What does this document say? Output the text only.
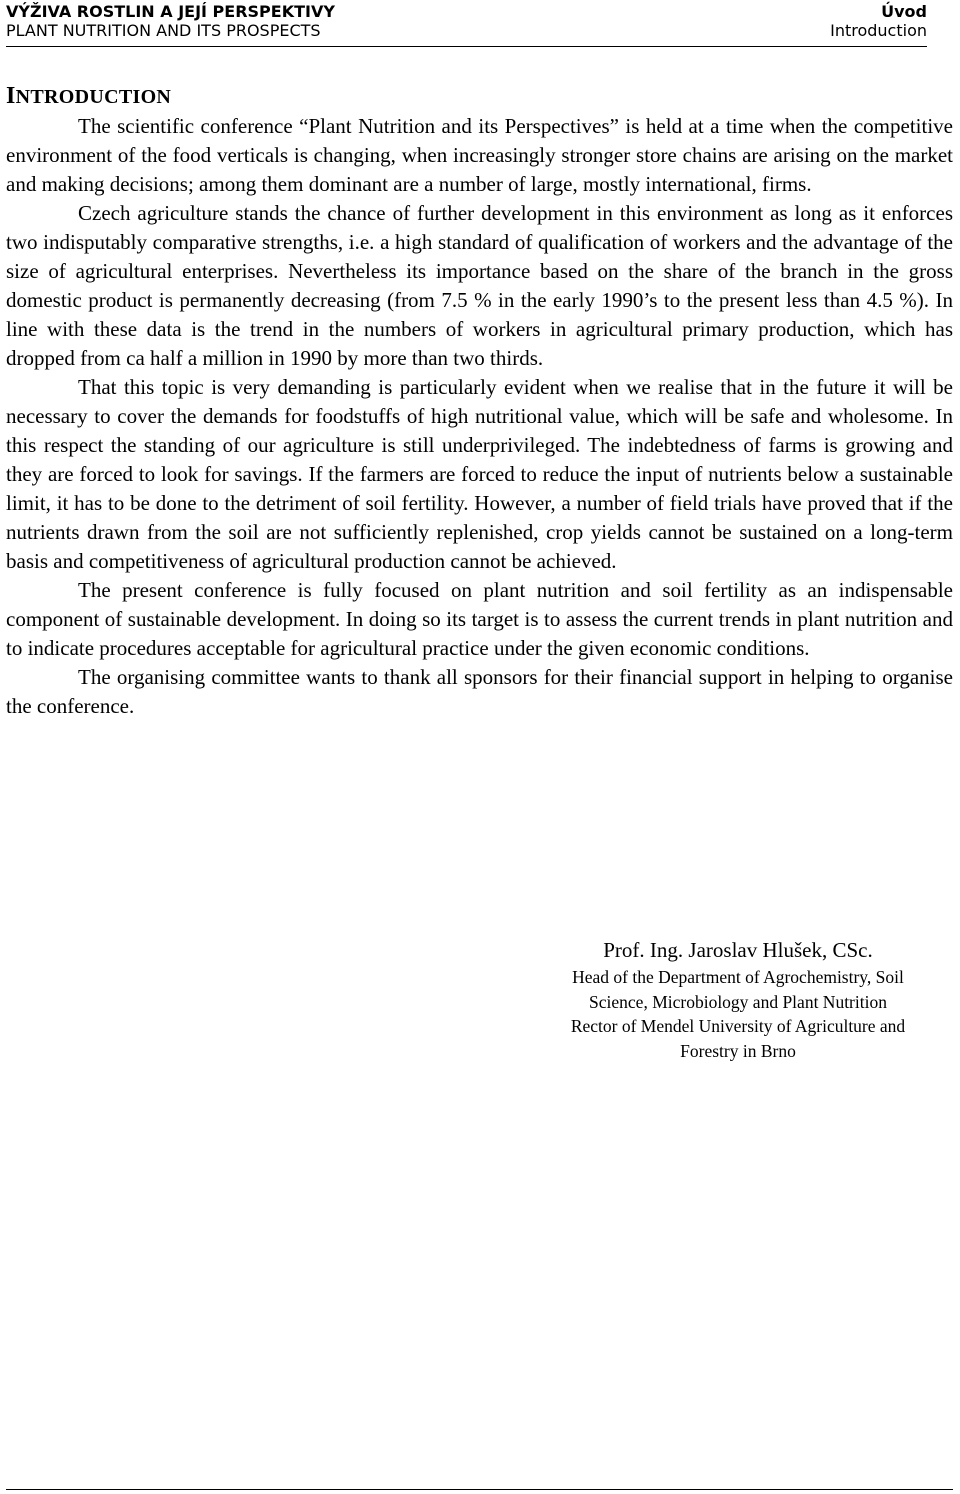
VÝŽIVA ROSTLIN A JEJÍ PERSPEKTIVY
PLANT NUTRITION AND ITS PROSPECTS
Úvod
Introduction
INTRODUCTION

The scientific conference “Plant Nutrition and its Perspectives” is held at a time when the competitive environment of the food verticals is changing, when increasingly stronger store chains are arising on the market and making decisions; among them dominant are a number of large, mostly international, firms.

Czech agriculture stands the chance of further development in this environment as long as it enforces two indisputably comparative strengths, i.e. a high standard of qualification of workers and the advantage of the size of agricultural enterprises. Nevertheless its importance based on the share of the branch in the gross domestic product is permanently decreasing (from 7.5 % in the early 1990’s to the present less than 4.5 %). In line with these data is the trend in the numbers of workers in agricultural primary production, which has dropped from ca half a million in 1990 by more than two thirds.

That this topic is very demanding is particularly evident when we realise that in the future it will be necessary to cover the demands for foodstuffs of high nutritional value, which will be safe and wholesome. In this respect the standing of our agriculture is still underprivileged. The indebtedness of farms is growing and they are forced to look for savings. If the farmers are forced to reduce the input of nutrients below a sustainable limit, it has to be done to the detriment of soil fertility. However, a number of field trials have proved that if the nutrients drawn from the soil are not sufficiently replenished, crop yields cannot be sustained on a long-term basis and competitiveness of agricultural production cannot be achieved.

The present conference is fully focused on plant nutrition and soil fertility as an indispensable component of sustainable development. In doing so its target is to assess the current trends in plant nutrition and to indicate procedures acceptable for agricultural practice under the given economic conditions.

The organising committee wants to thank all sponsors for their financial support in helping to organise the conference.

Prof. Ing. Jaroslav Hlušek, CSc.
Head of the Department of Agrochemistry, Soil
Science, Microbiology and Plant Nutrition
Rector of Mendel University of Agriculture and
Forestry in Brno
